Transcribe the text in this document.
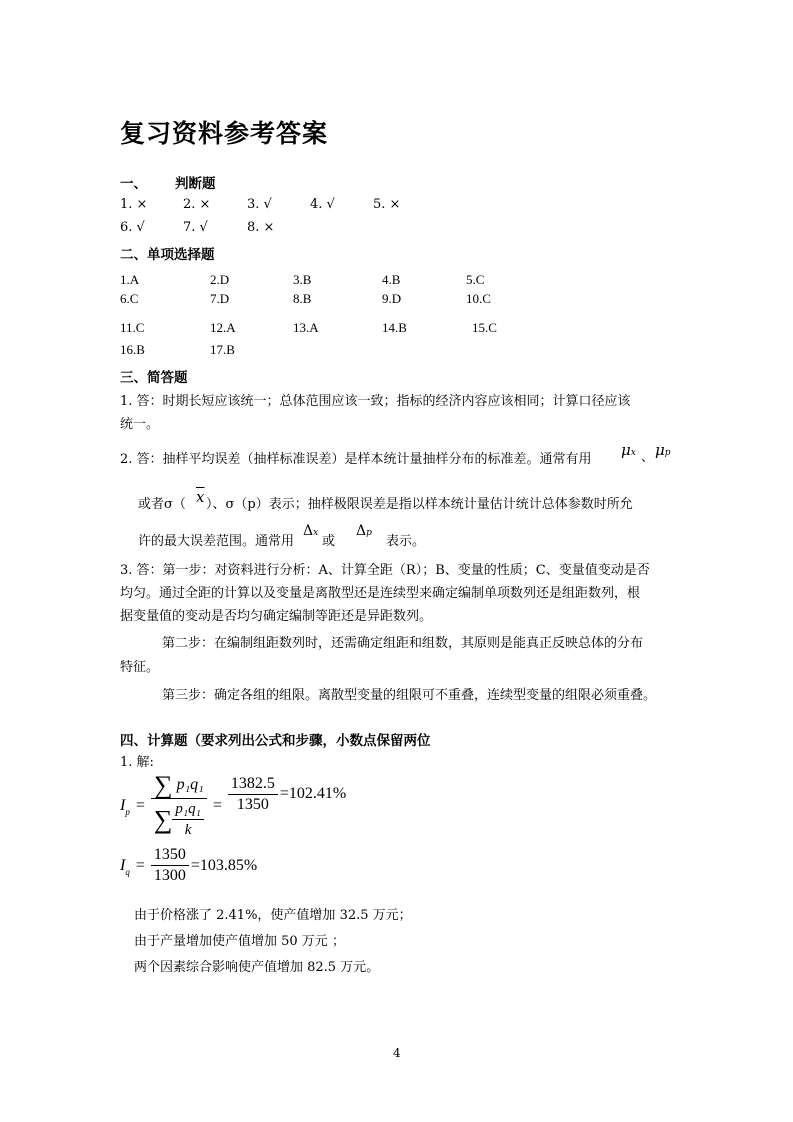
复习资料参考答案
一、 判断题
1. ×	2. ×	3. √	4. √	5. ×
6. √	7. √	8. ×
二、单项选择题
1.A	2.D	3.B	4.B	5.C
6.C	7.D	8.B	9.D	10.C
11.C	12.A	13.A	14.B	15.C
16.B	17.B
三、简答题
1. 答：时期长短应该统一；总体范围应该一致；指标的经济内容应该相同；计算口径应该
统一。
2. 答：抽样平均误差（抽样标准误差）是样本统计量抽样分布的标准差。通常有用
μx 、 μp
或者σ（ $\overline{x}$ ）、σ（p）表示；抽样极限误差是指以样本统计量估计统计总体参数时所允
许的最大误差范围。通常用
Δx
或
Δp
表示。
3. 答：第一步：对资料进行分析：A、计算全距（R）；B、变量的性质；C、变量值变动是否
均匀。通过全距的计算以及变量是离散型还是连续型来确定编制单项数列还是组距数列，根
据变量值的变动是否均匀确定编制等距还是异距数列。
第二步：在编制组距数列时，还需确定组距和组数，其原则是能真正反映总体的分布
特征。
第三步：确定各组的组限。离散型变量的组限可不重叠，连续型变量的组限必须重叠。
四、计算题（要求列出公式和步骤，小数点保留两位
1. 解:
I $p = \frac{\text{∑ p₁q₁}}{\sum \frac{\text{p₁q₁}}{k}} = \frac{1382.5}{1350} =102.41\%$
I $q = \frac{1350}{1300} =103.85\%$
由于价格涨了 2.41%，使产值增加 32.5 万元；
由于产量增加使产值增加 50 万元 ；
两个因素综合影响使产值增加 82.5 万元。
4
